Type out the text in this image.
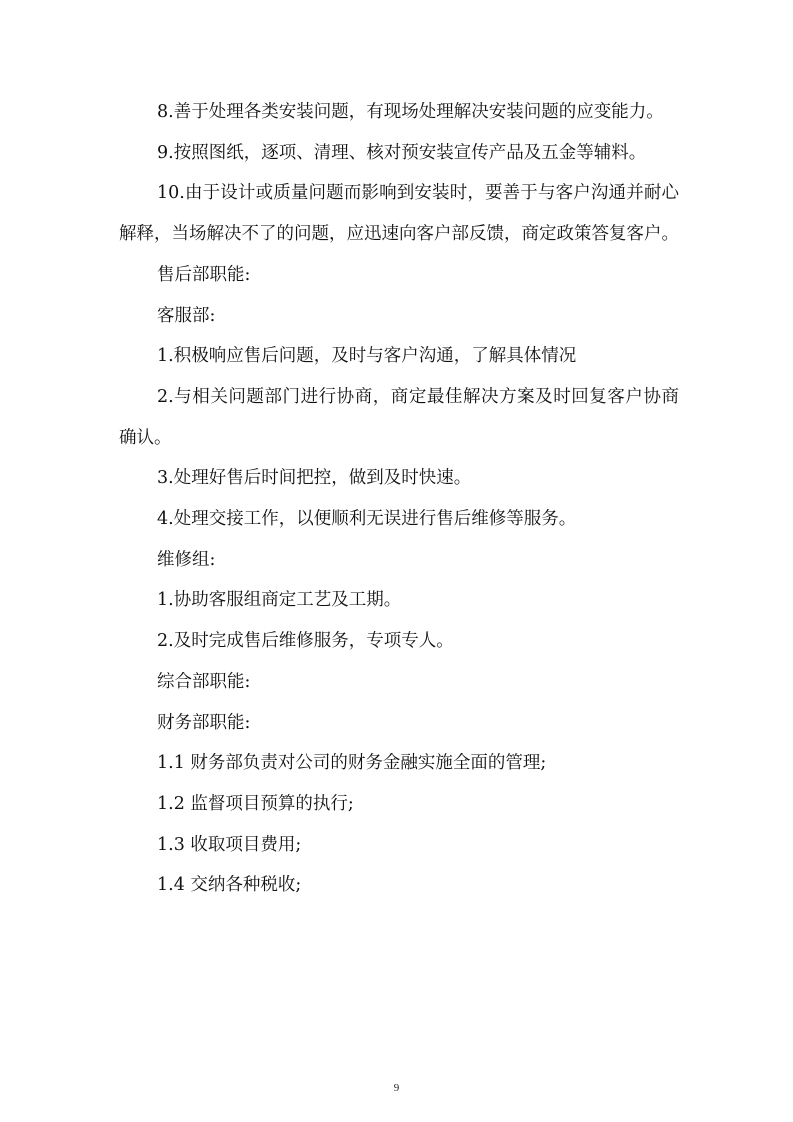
8.善于处理各类安装问题，有现场处理解决安装问题的应变能力。

9.按照图纸，逐项、清理、核对预安装宣传产品及五金等辅料。

10.由于设计或质量问题而影响到安装时，要善于与客户沟通并耐心解释，当场解决不了的问题，应迅速向客户部反馈，商定政策答复客户。

售后部职能:

客服部:

1.积极响应售后问题，及时与客户沟通，了解具体情况

2.与相关问题部门进行协商，商定最佳解决方案及时回复客户协商确认。

3.处理好售后时间把控，做到及时快速。

4.处理交接工作，以便顺利无误进行售后维修等服务。

维修组:

1.协助客服组商定工艺及工期。

2.及时完成售后维修服务，专项专人。

综合部职能:

财务部职能:

1.1 财务部负责对公司的财务金融实施全面的管理;

1.2 监督项目预算的执行;

1.3 收取项目费用;

1.4 交纳各种税收;

9
